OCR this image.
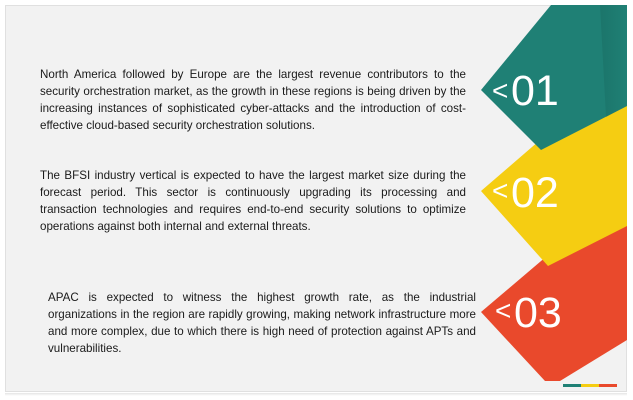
North America followed by Europe are the largest revenue contributors to the security orchestration market, as the growth in these regions is being driven by the increasing instances of sophisticated cyber-attacks and the introduction of cost-effective cloud-based security orchestration solutions.

The BFSI industry vertical is expected to have the largest market size during the forecast period. This sector is continuously upgrading its processing and transaction technologies and requires end-to-end security solutions to optimize operations against both internal and external threats.

APAC is expected to witness the highest growth rate, as the industrial organizations in the region are rapidly growing, making network infrastructure more and more complex, due to which there is high need of protection against APTs and vulnerabilities.

< 01
< 02
< 03
